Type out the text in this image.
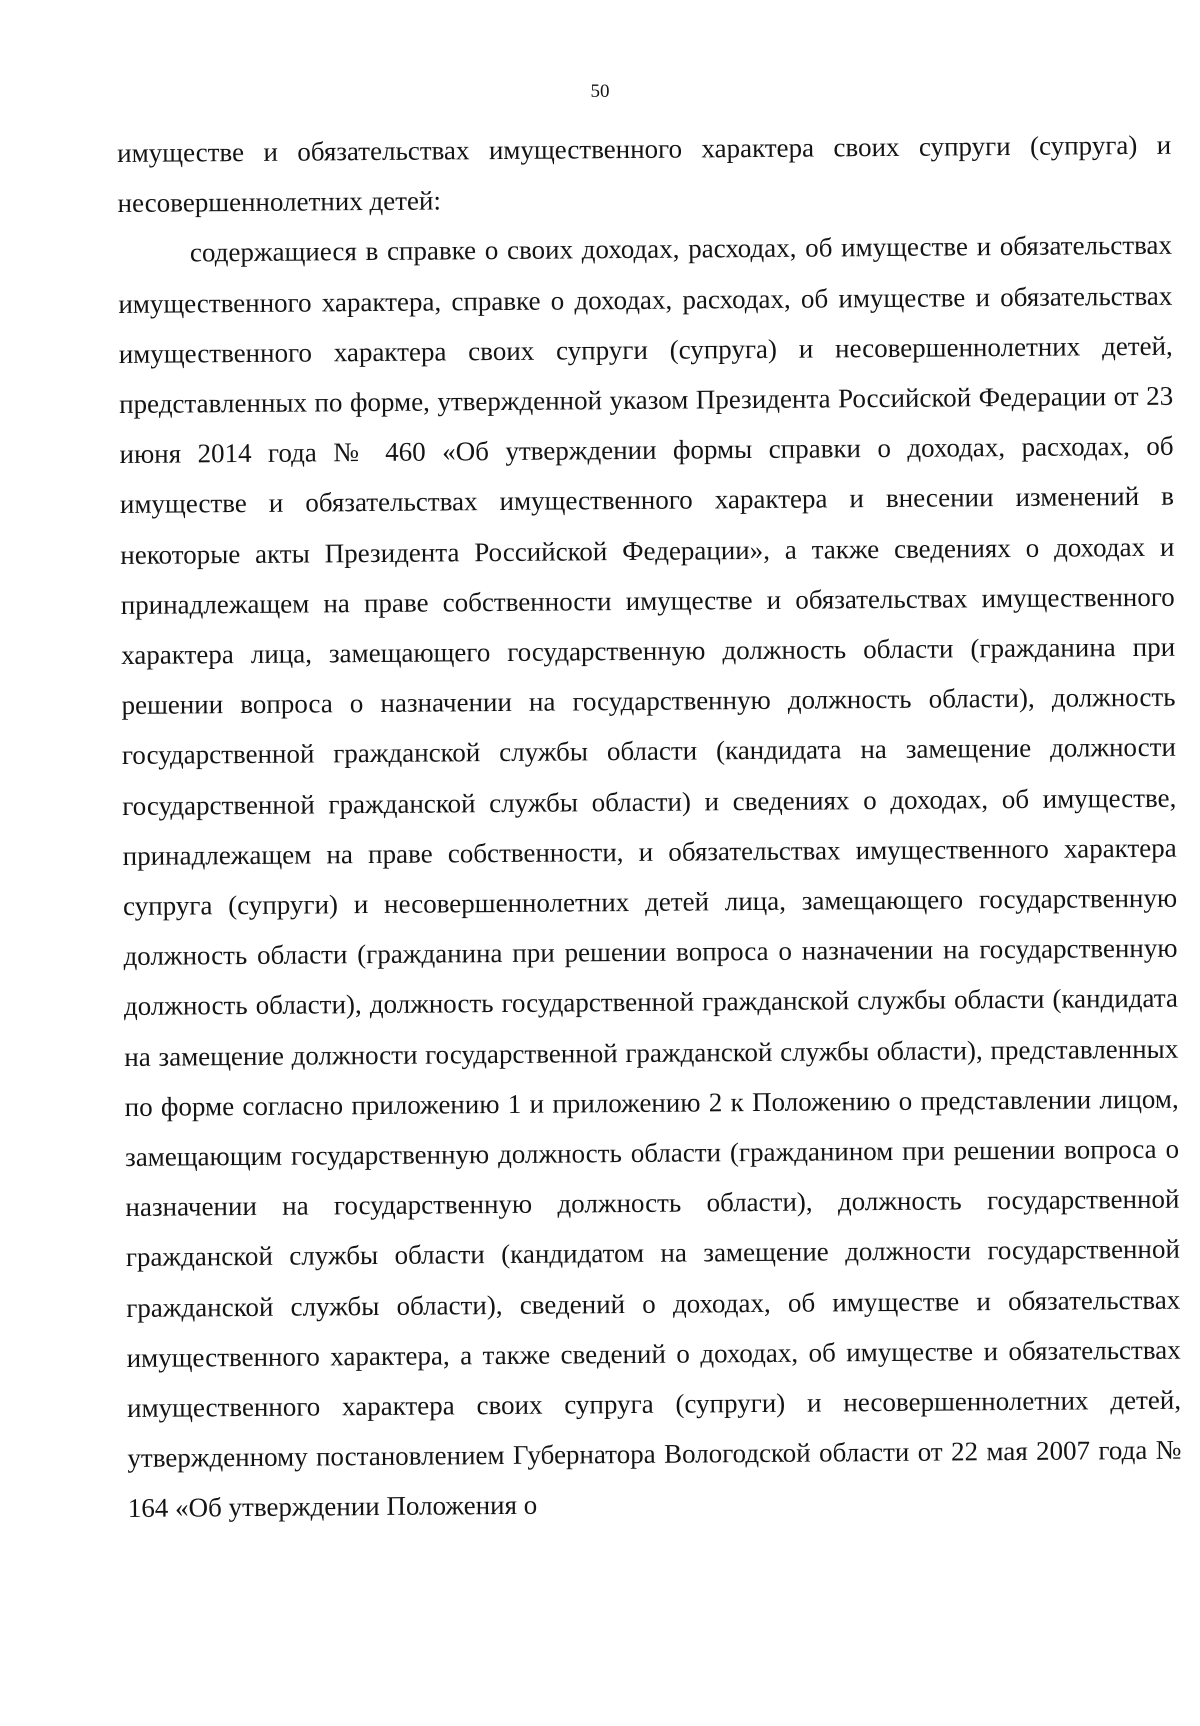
50

имуществе и обязательствах имущественного характера своих супруги (супруга) и несовершеннолетних детей:

содержащиеся в справке о своих доходах, расходах, об имуществе и обязательствах имущественного характера, справке о доходах, расходах, об имуществе и обязательствах имущественного характера своих супруги (супруга) и несовершеннолетних детей, представленных по форме, утвержденной указом Президента Российской Федерации от 23 июня 2014 года № 460 «Об утверждении формы справки о доходах, расходах, об имуществе и обязательствах имущественного характера и внесении изменений в некоторые акты Президента Российской Федерации», а также сведениях о доходах и принадлежащем на праве собственности имуществе и обязательствах имущественного характера лица, замещающего государственную должность области (гражданина при решении вопроса о назначении на государственную должность области), должность государственной гражданской службы области (кандидата на замещение должности государственной гражданской службы области) и сведениях о доходах, об имуществе, принадлежащем на праве собственности, и обязательствах имущественного характера супруга (супруги) и несовершеннолетних детей лица, замещающего государственную должность области (гражданина при решении вопроса о назначении на государственную должность области), должность государственной гражданской службы области (кандидата на замещение должности государственной гражданской службы области), представленных по форме согласно приложению 1 и приложению 2 к Положению о представлении лицом, замещающим государственную должность области (гражданином при решении вопроса о назначении на государственную должность области), должность государственной гражданской службы области (кандидатом на замещение должности государственной гражданской службы области), сведений о доходах, об имуществе и обязательствах имущественного характера, а также сведений о доходах, об имуществе и обязательствах имущественного характера своих супруга (супруги) и несовершеннолетних детей, утвержденному постановлением Губернатора Вологодской области от 22 мая 2007 года № 164 «Об утверждении Положения о
